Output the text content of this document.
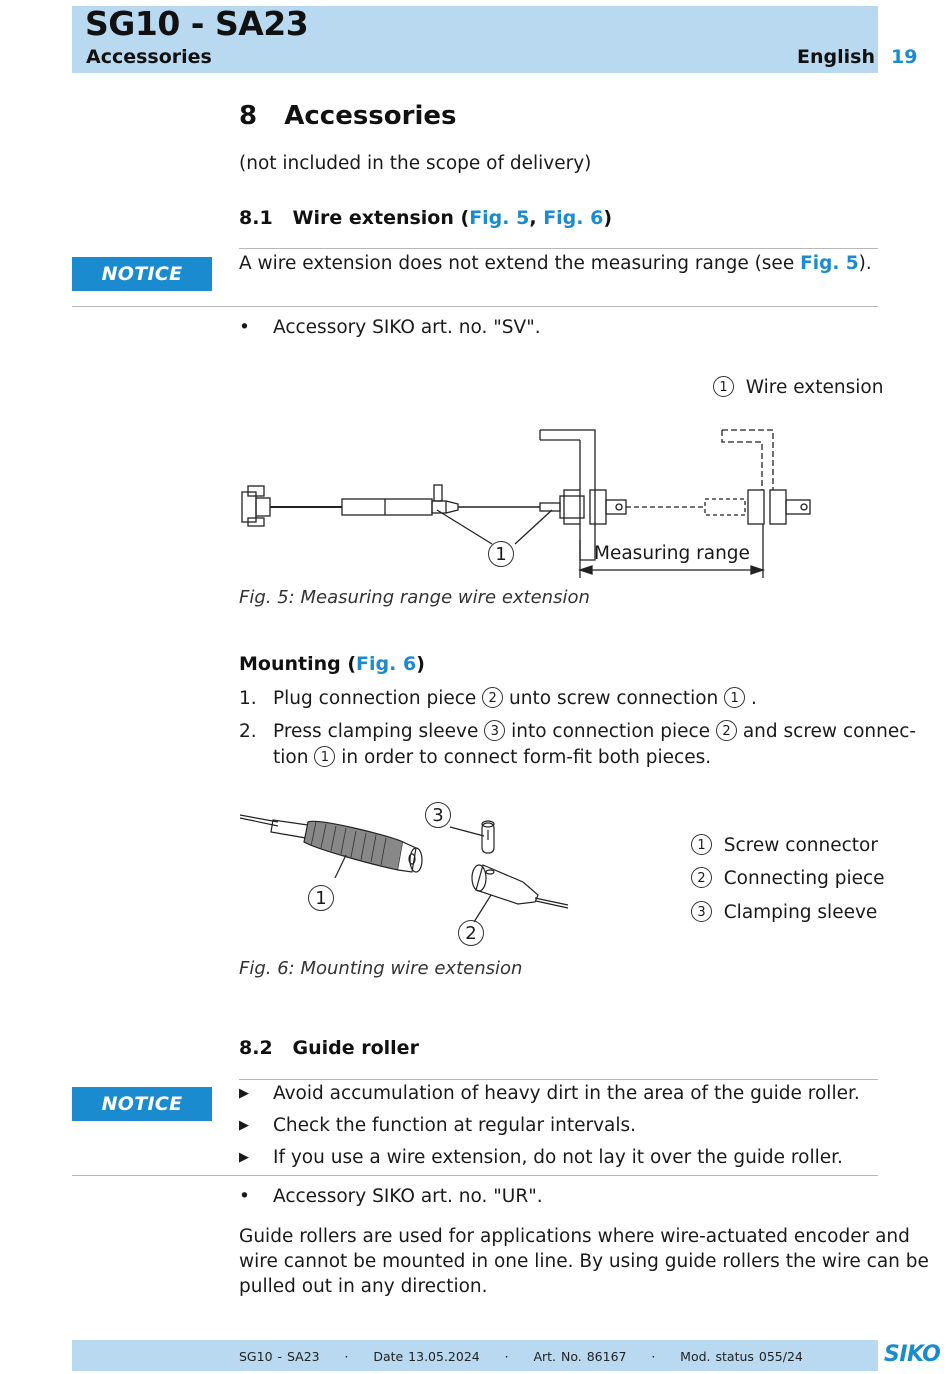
SG10 - SA23
Accessories	English 19
8   Accessories
(not included in the scope of delivery)
8.1   Wire extension (Fig. 5, Fig. 6)
NOTICE	A wire extension does not extend the measuring range (see Fig. 5).
• Accessory SIKO art. no. "SV".
1 Wire extension
1	Measuring range
Fig. 5: Measuring range wire extension
Mounting (Fig. 6)
1. Plug connection piece 2 unto screw connection 1 .
2. Press clamping sleeve 3 into connection piece 2 and screw connec-
tion 1 in order to connect form-fit both pieces.
1
2
3
1 Screw connector
2 Connecting piece
3 Clamping sleeve
Fig. 6: Mounting wire extension
8.2   Guide roller
NOTICE	▶ Avoid accumulation of heavy dirt in the area of the guide roller.
▶ Check the function at regular intervals.
▶ If you use a wire extension, do not lay it over the guide roller.
• Accessory SIKO art. no. "UR".
Guide rollers are used for applications where wire-actuated encoder and
wire cannot be mounted in one line. By using guide rollers the wire can be
pulled out in any direction.
SG10 - SA23     ·     Date 13.05.2024     ·     Art. No. 86167     ·     Mod. status 055/24	SIKO
